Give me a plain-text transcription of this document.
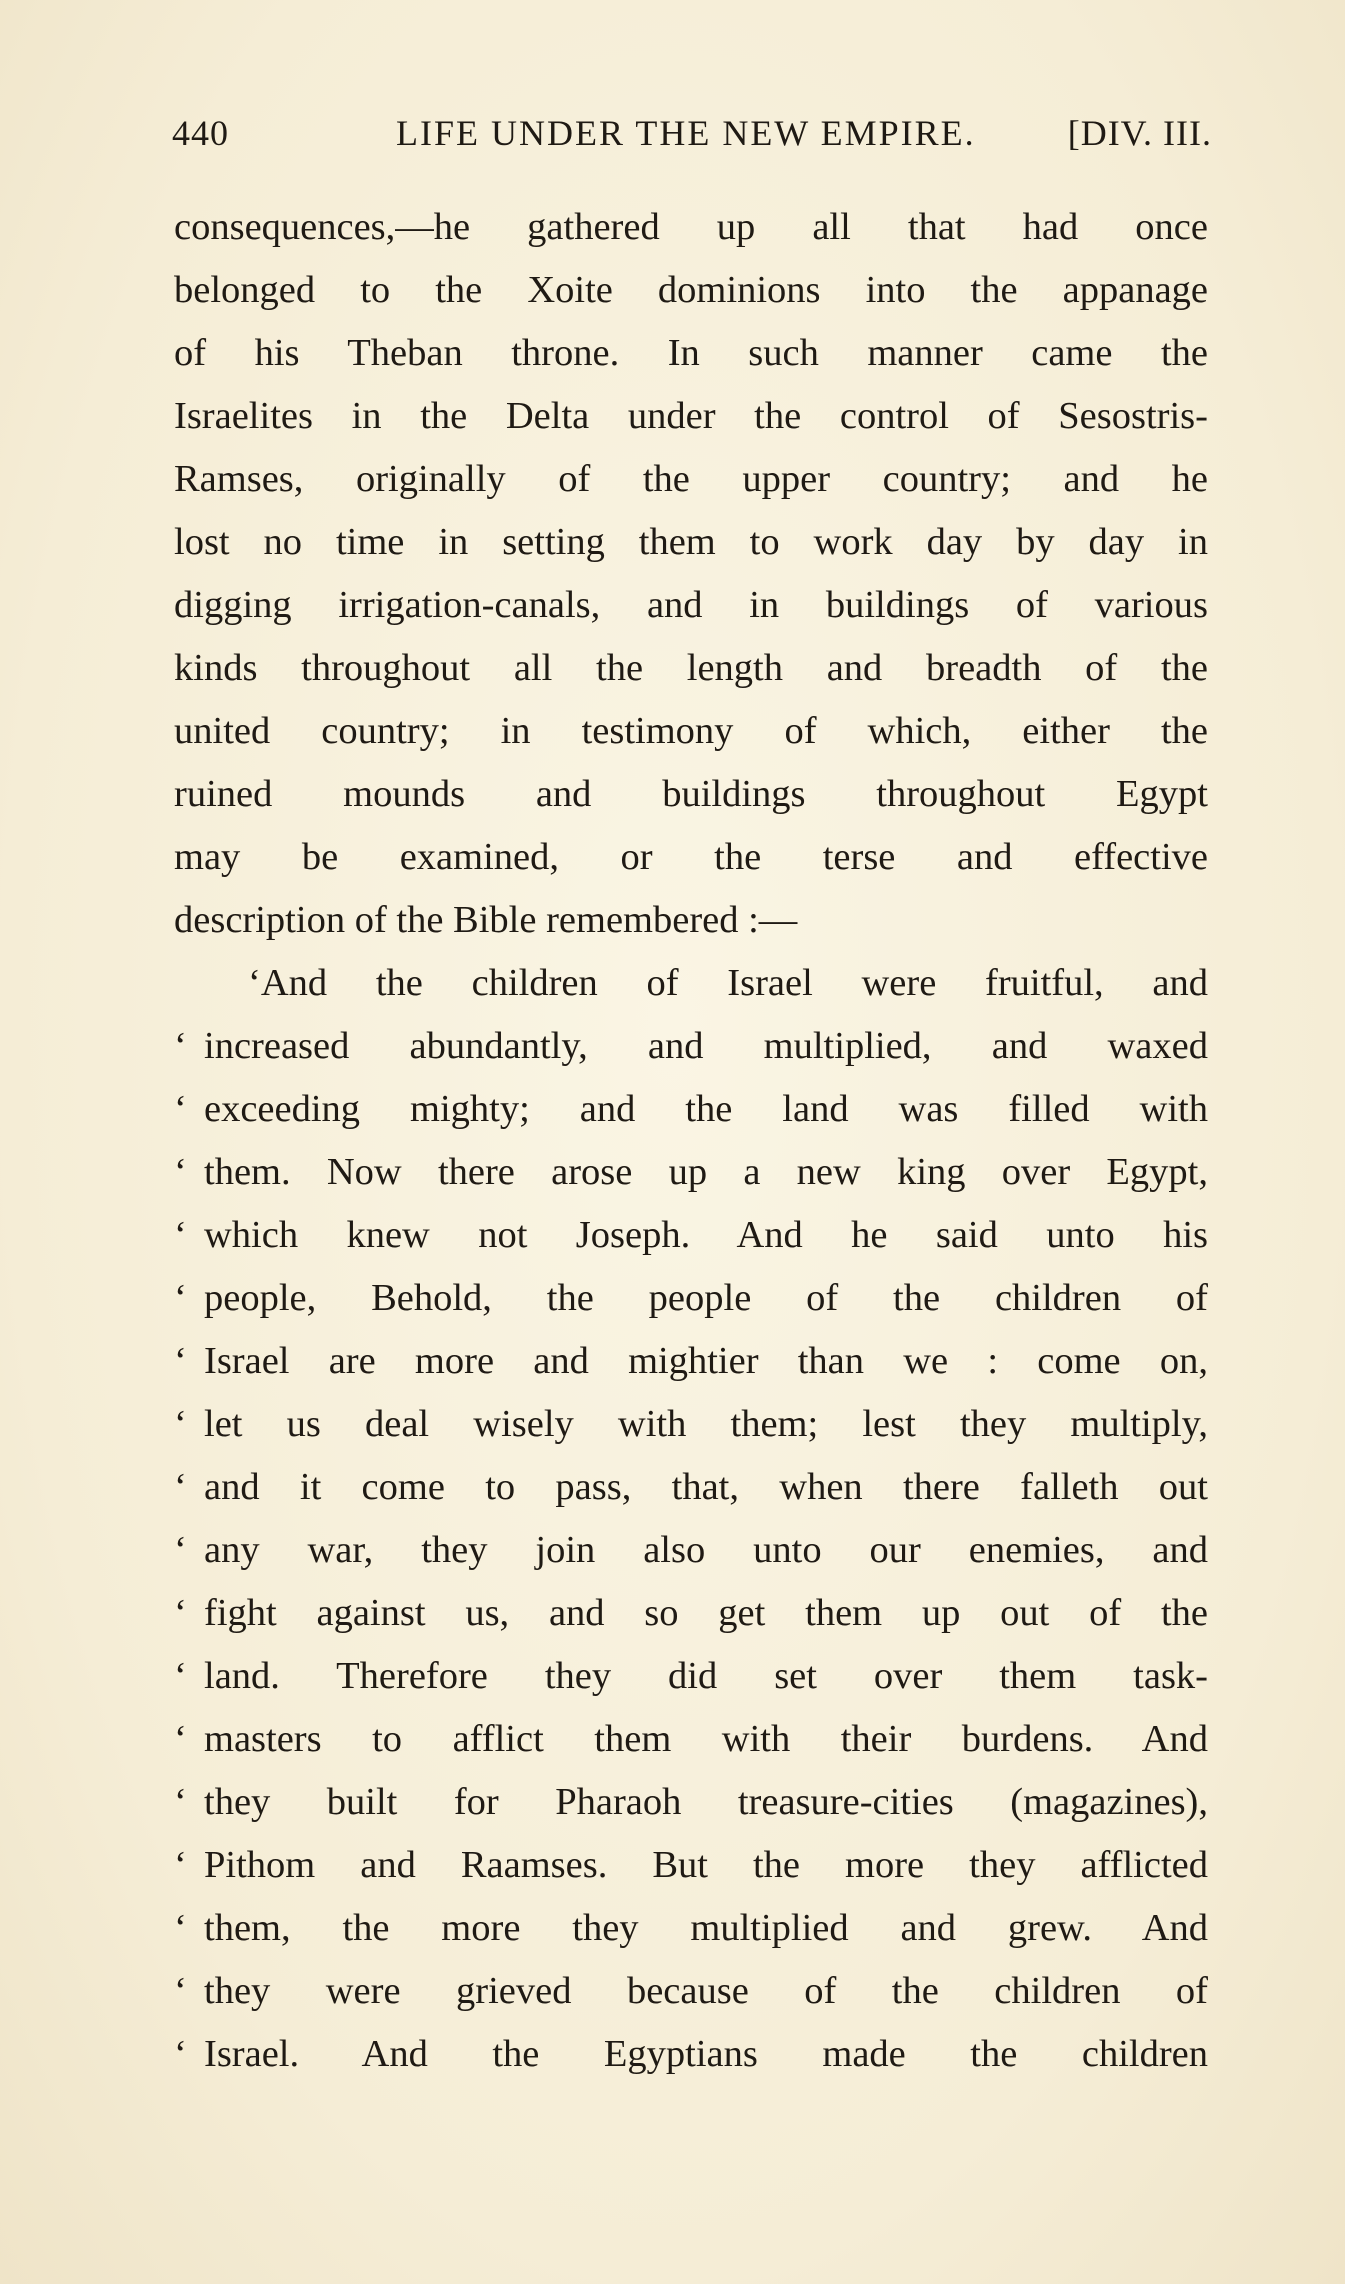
440	LIFE UNDER THE NEW EMPIRE.	[DIV. III.
consequences,—he gathered up all that had once
belonged to the Xoite dominions into the appanage
of his Theban throne. In such manner came the
Israelites in the Delta under the control of Sesostris-
Ramses, originally of the upper country; and he
lost no time in setting them to work day by day in
digging irrigation-canals, and in buildings of various
kinds throughout all the length and breadth of the
united country; in testimony of which, either the
ruined mounds and buildings throughout Egypt
may be examined, or the terse and effective
description of the Bible remembered :—
‘And the children of Israel were fruitful, and
‘ increased abundantly, and multiplied, and waxed
‘ exceeding mighty; and the land was filled with
‘ them. Now there arose up a new king over Egypt,
‘ which knew not Joseph. And he said unto his
‘ people, Behold, the people of the children of
‘ Israel are more and mightier than we : come on,
‘ let us deal wisely with them; lest they multiply,
‘ and it come to pass, that, when there falleth out
‘ any war, they join also unto our enemies, and
‘ fight against us, and so get them up out of the
‘ land. Therefore they did set over them task-
‘ masters to afflict them with their burdens. And
‘ they built for Pharaoh treasure-cities (magazines),
‘ Pithom and Raamses. But the more they afflicted
‘ them, the more they multiplied and grew. And
‘ they were grieved because of the children of
‘ Israel. And the Egyptians made the children
